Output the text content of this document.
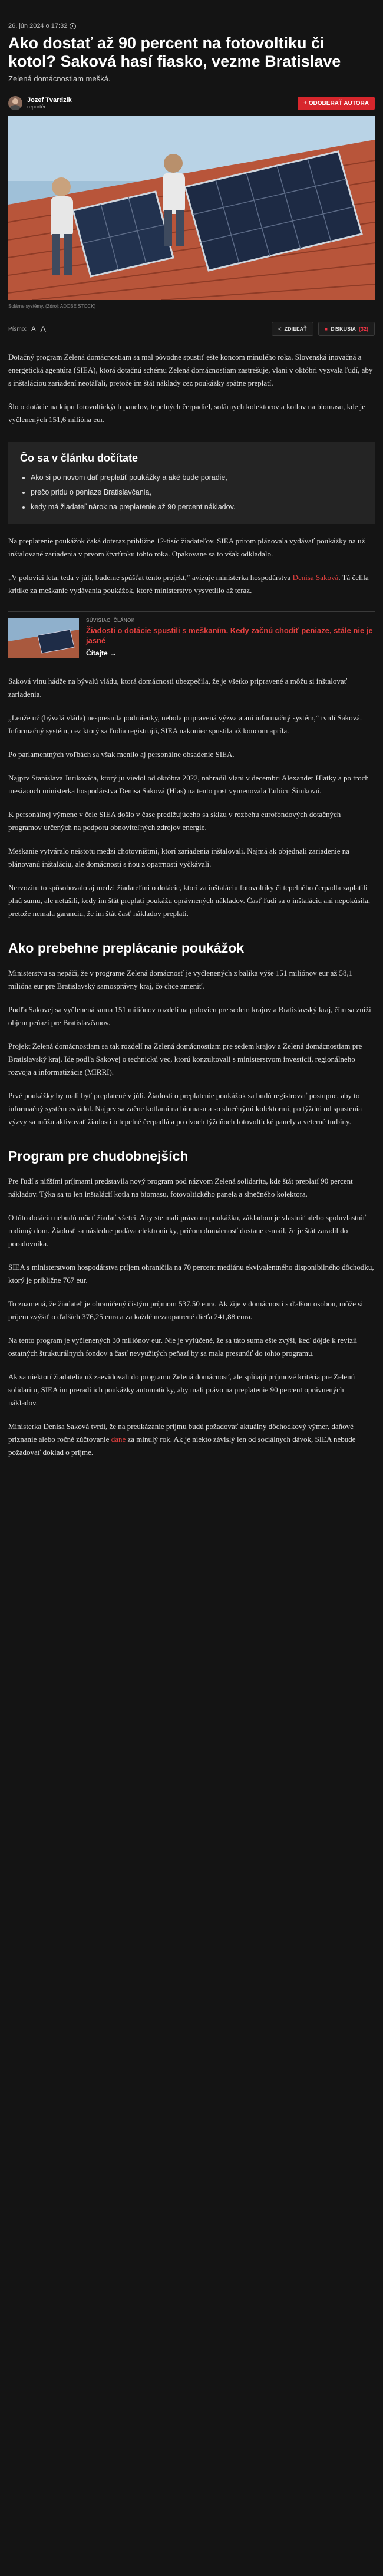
26. jún 2024 o 17:32
Ako dostať až 90 percent na fotovoltiku či kotol? Saková hasí fiasko, vezme Bratislave
Zelená domácnostiam mešká.
Jozef Tvardzík
reportér
+ ODOBERAŤ AUTORA
Solárne systémy. (Zdroj: ADOBE STOCK)
Písmo: A A	< ZDIEĽAŤ	■ DISKUSIA (32)

Dotačný program Zelená domácnostiam sa mal pôvodne spustiť ešte koncom minulého roka. Slovenská inovačná a energetická agentúra (SIEA), ktorá dotačnú schému Zelená domácnostiam zastrešuje, vlani v októbri vyzvala ľudí, aby s inštaláciou zariadení neotáľali, pretože im štát náklady cez poukážky spätne preplatí.

Šlo o dotácie na kúpu fotovoltických panelov, tepelných čerpadiel, solárnych kolektorov a kotlov na biomasu, kde je vyčlenených 151,6 milióna eur.

Čo sa v článku dočítate
• Ako si po novom dať preplatiť poukážky a aké bude poradie,
• prečo pridu o peniaze Bratislavčania,
• kedy má žiadateľ nárok na preplatenie až 90 percent nákladov.

Na preplatenie poukážok čaká doteraz približne 12-tisíc žiadateľov. SIEA pritom plánovala vydávať poukážky na už inštalované zariadenia v prvom štvrťroku tohto roka. Opakovane sa to však odkladalo.

„V polovici leta, teda v júli, budeme spúšťat tento projekt,“ avizuje ministerka hospodárstva Denisa Saková. Tá čelila kritike za meškanie vydávania poukážok, ktoré ministerstvo vysvetlilo až teraz.

SÚVISIACI ČLÁNOK
Žiadosti o dotácie spustili s meškaním. Kedy začnú chodiť peniaze, stále nie je jasné
Čítajte →

Saková vinu hádže na bývalú vládu, ktorá domácnosti ubezpečila, že je všetko pripravené a môžu si inštalovať zariadenia.

„Lenže už (bývalá vláda) nespresnila podmienky, nebola pripravená výzva a ani informačný systém,“ tvrdí Saková. Informačný systém, cez ktorý sa ľudia registrujú, SIEA nakoniec spustila až koncom apríla.

Po parlamentných voľbách sa však menilo aj personálne obsadenie SIEA.

Najprv Stanislava Jurikovíča, ktorý ju viedol od októbra 2022, nahradil vlani v decembri Alexander Hlatky a po troch mesiacoch ministerka hospodárstva Denisa Saková (Hlas) na tento post vymenovala Ľubicu Šimkovú.

K personálnej výmene v čele SIEA došlo v čase predlžujúceho sa sklzu v rozbehu eurofondových dotačných programov určených na podporu obnoviteľných zdrojov energie.

Meškanie vytváralo neistotu medzi chotovníštmi, ktorí zariadenia inštalovali. Najmä ak objednali zariadenie na plánovanú inštaláciu, ale domácnosti s ňou z opatrnosti vyčkávali.

Nervozitu to spôsobovalo aj medzi žiadateľmi o dotácie, ktorí za inštaláciu fotovoltiky či tepelného čerpadla zaplatili plnú sumu, ale netušili, kedy im štát preplatí poukážu oprávnených nákladov. Časť ľudí sa o inštaláciu ani nepokúsila, pretože nemala garanciu, že im štát časť nákladov preplatí.

Ako prebehne preplácanie poukážok

Ministerstvu sa nepáči, že v programe Zelená domácnosť je vyčlenených z balíka výše 151 miliónov eur až 58,1 milióna eur pre Bratislavský samosprávny kraj, čo chce zmeniť.

Podľa Sakovej sa vyčlenená suma 151 miliónov rozdelí na polovicu pre sedem krajov a Bratislavský kraj, čím sa zníži objem peňazí pre Bratislavčanov.

Projekt Zelená domácnostiam sa tak rozdelí na Zelená domácnostiam pre sedem krajov a Zelená domácnostiam pre Bratislavský kraj. Ide podľa Sakovej o technickú vec, ktorú konzultovali s ministerstvom investícií, regionálneho rozvoja a informatizácie (MIRRI).

Prvé poukážky by mali byť preplatené v júli. Žiadosti o preplatenie poukážok sa budú registrovať postupne, aby to informačný systém zvládol. Najprv sa začne kotlami na biomasu a so slnečnými kolektormi, po týždni od spustenia výzvy sa môžu aktivovať žiadosti o tepelné čerpadlá a po dvoch týždňoch fotovoltické panely a veterné turbíny.

Program pre chudobnejších

Pre ľudí s nižšími príjmami predstavila nový program pod názvom Zelená solidarita, kde štát preplatí 90 percent nákladov. Týka sa to len inštalácií kotla na biomasu, fotovoltického panela a slnečného kolektora.

O túto dotáciu nebudú môcť žiadať všetci. Aby ste mali právo na poukážku, základom je vlastniť alebo spoluvlastniť rodinný dom. Žiadosť sa následne podáva elektronicky, pričom domácnosť dostane e-mail, že je štát zaradil do poradovníka.

SIEA s ministerstvom hospodárstva príjem ohraničila na 70 percent mediánu ekvivalentného disponibilného dôchodku, ktorý je približne 767 eur.

To znamená, že žiadateľ je ohraničený čistým príjmom 537,50 eura. Ak žije v domácnosti s ďalšou osobou, môže si príjem zvýšiť o ďalších 376,25 eura a za každé nezaopatrené dieťa 241,88 eura.

Na tento program je vyčlenených 30 miliónov eur. Nie je vylúčené, že sa táto suma ešte zvýši, keď dôjde k revízii ostatných štrukturálnych fondov a časť nevyužitých peňazí by sa mala presunúť do tohto programu.

Ak sa niektorí žiadatelia už zaevidovali do programu Zelená domácnosť, ale spĺňajú príjmové kritéria pre Zelenú solidaritu, SIEA im preradí ich poukážky automaticky, aby mali právo na preplatenie 90 percent oprávnených nákladov.

Ministerka Denisa Saková tvrdí, že na preukázanie príjmu budú požadovať aktuálny dôchodkový výmer, daňové priznanie alebo ročné zúčtovanie dane za minulý rok. Ak je niekto závislý len od sociálnych dávok, SIEA nebude požadovať doklad o príjme.
